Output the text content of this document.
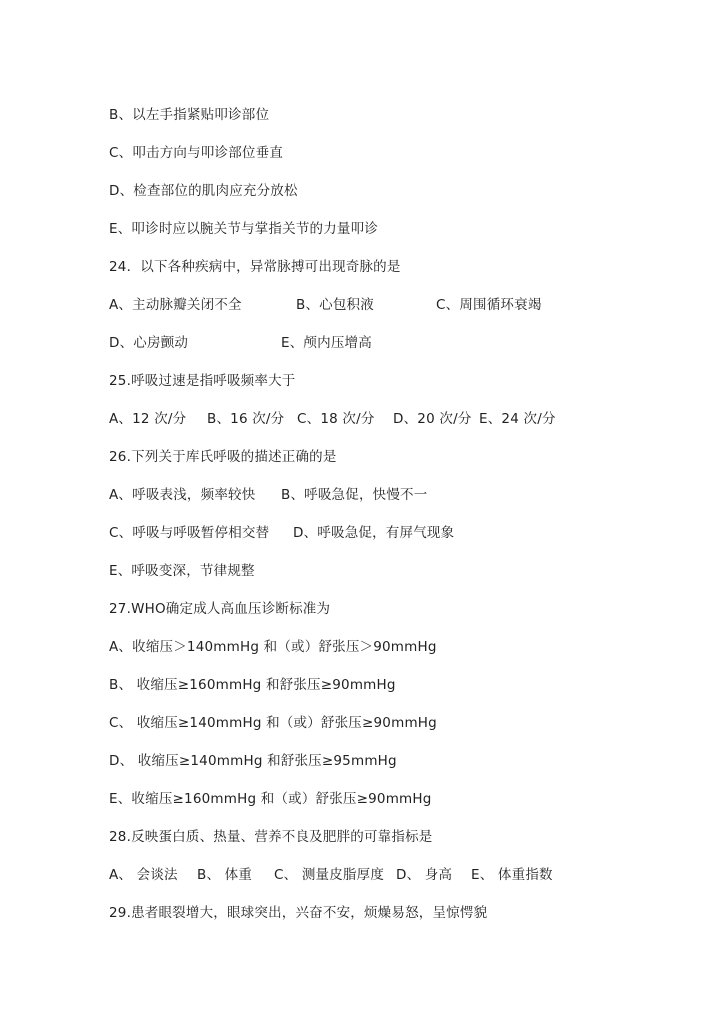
B、以左手指紧贴叩诊部位
C、叩击方向与叩诊部位垂直
D、检查部位的肌肉应充分放松
E、叩诊时应以腕关节与掌指关节的力量叩诊
24．以下各种疾病中，异常脉搏可出现奇脉的是

A、主动脉瓣关闭不全

	B、心包积液

	C、周围循环衰竭

D、心房颤动

	E、颅内压增高

25.呼吸过速是指呼吸频率大于

A、12 次/分

B、16 次/分

C、18 次/分

D、20 次/分

E、24 次/分

26.下列关于库氏呼吸的描述正确的是

A、呼吸表浅，频率较快

B、呼吸急促，快慢不一

C、呼吸与呼吸暂停相交替

D、呼吸急促，有屏气现象

E、呼吸变深，节律规整
27.WHO确定成人高血压诊断标准为
A、收缩压＞140mmHg 和（或）舒张压＞90mmHg
B、 收缩压≥160mmHg 和舒张压≥90mmHg
C、 收缩压≥140mmHg 和（或）舒张压≥90mmHg
D、 收缩压≥140mmHg 和舒张压≥95mmHg
E、收缩压≥160mmHg 和（或）舒张压≥90mmHg
28.反映蛋白质、热量、营养不良及肥胖的可靠指标是

A、 会谈法

B、 体重

C、 测量皮脂厚度

D、 身高

E、 体重指数

29.患者眼裂增大，眼球突出，兴奋不安，烦燥易怒，呈惊愕貌
